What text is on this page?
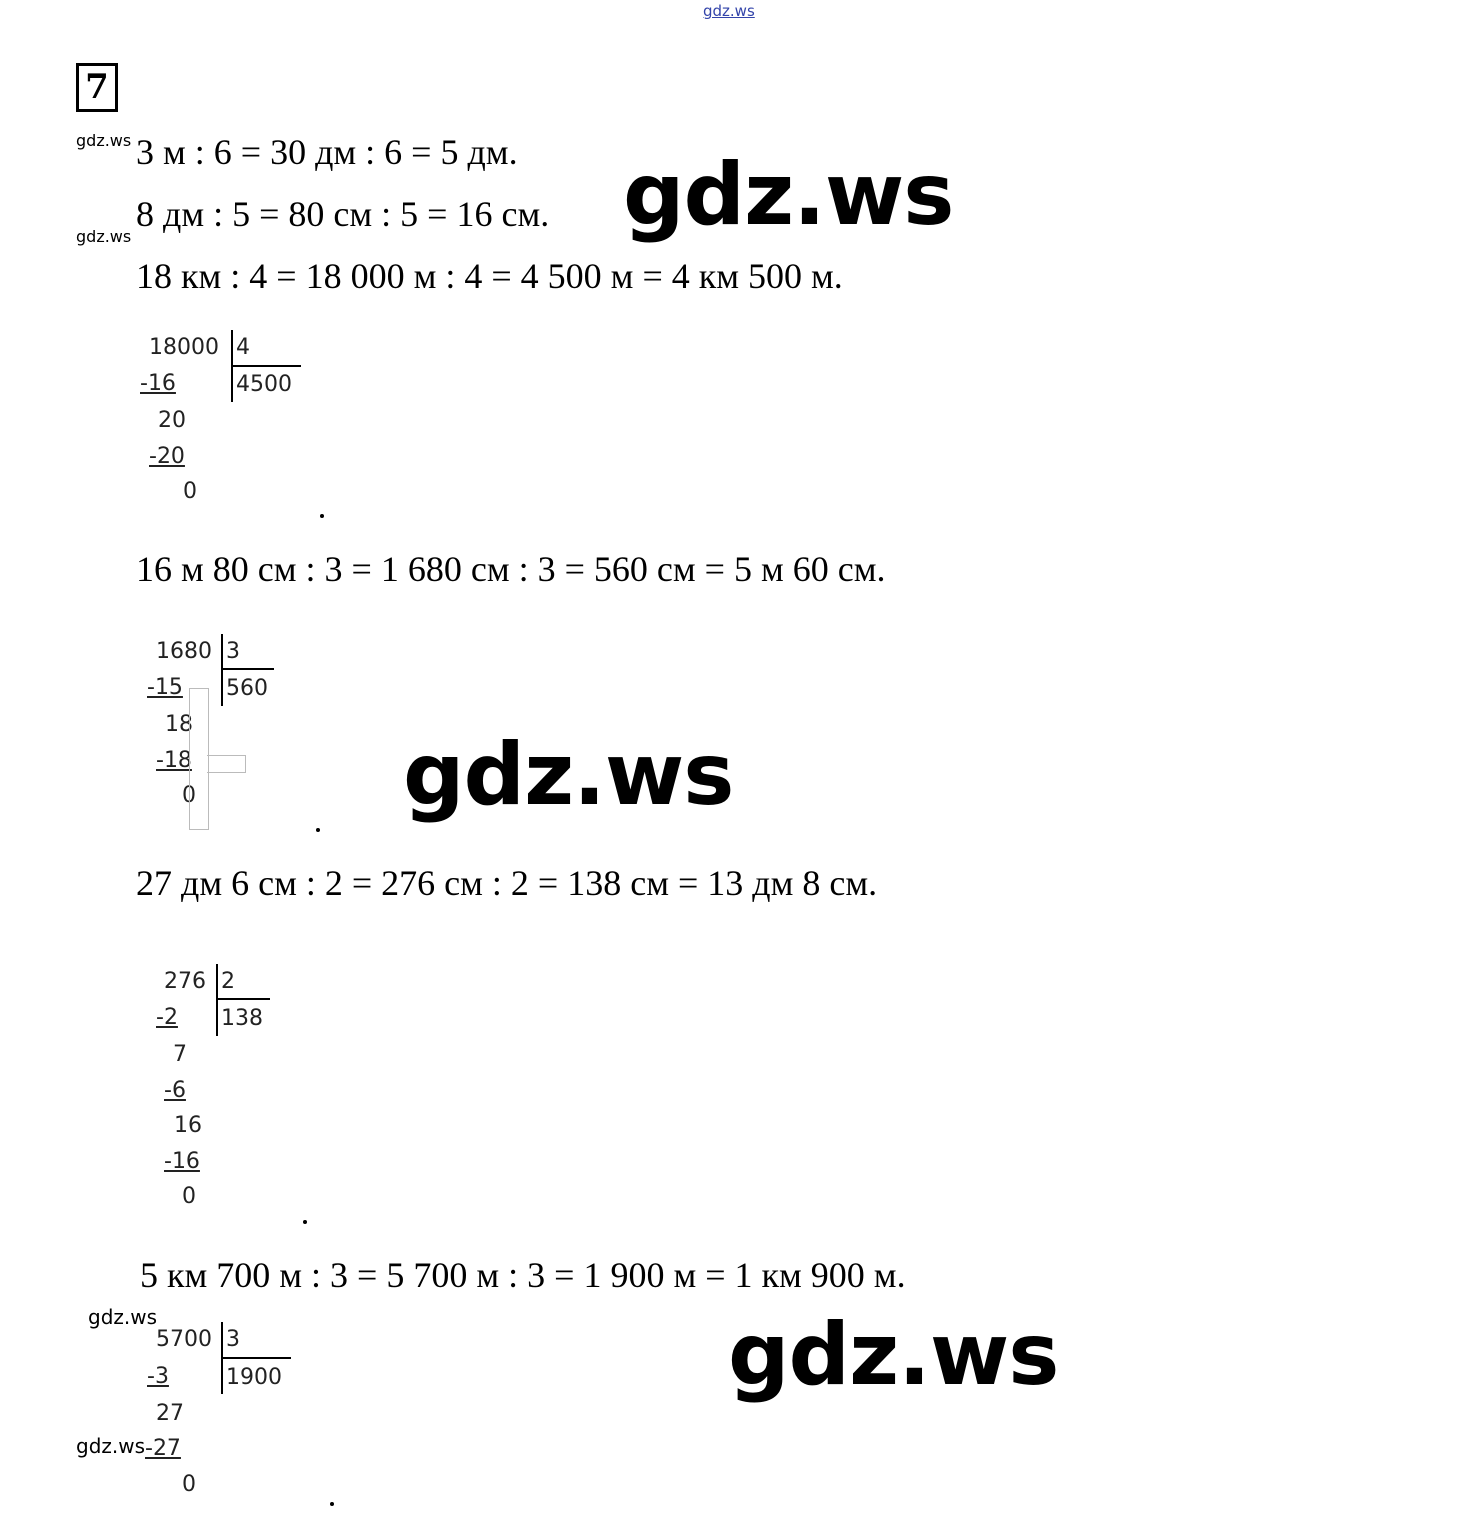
gdz.ws
7
gdz.ws
gdz.ws
gdz.ws
gdz.ws
3 м : 6 = 30 дм : 6 = 5 дм.
8 дм : 5 = 80 см : 5 = 16 см.
18 км : 4 = 18 000 м : 4 = 4 500 м = 4 км 500 м.
16 м 80 см : 3 = 1 680 см : 3 = 560 см = 5 м 60 см.
27 дм 6 см : 2 = 276 см : 2 = 138 см = 13 дм 8 см.
5 км 700 м : 3 = 5 700 м : 3 = 1 900 м = 1 км 900 м.
gdz.ws
gdz.ws
gdz.ws
18000 4
4500
-16
20
-20
0
1680 3
560
-15
18
-18
0
276 2
138
-2
7
-6
16
-16
0
5700 3
1900
-3
27
-27
0
